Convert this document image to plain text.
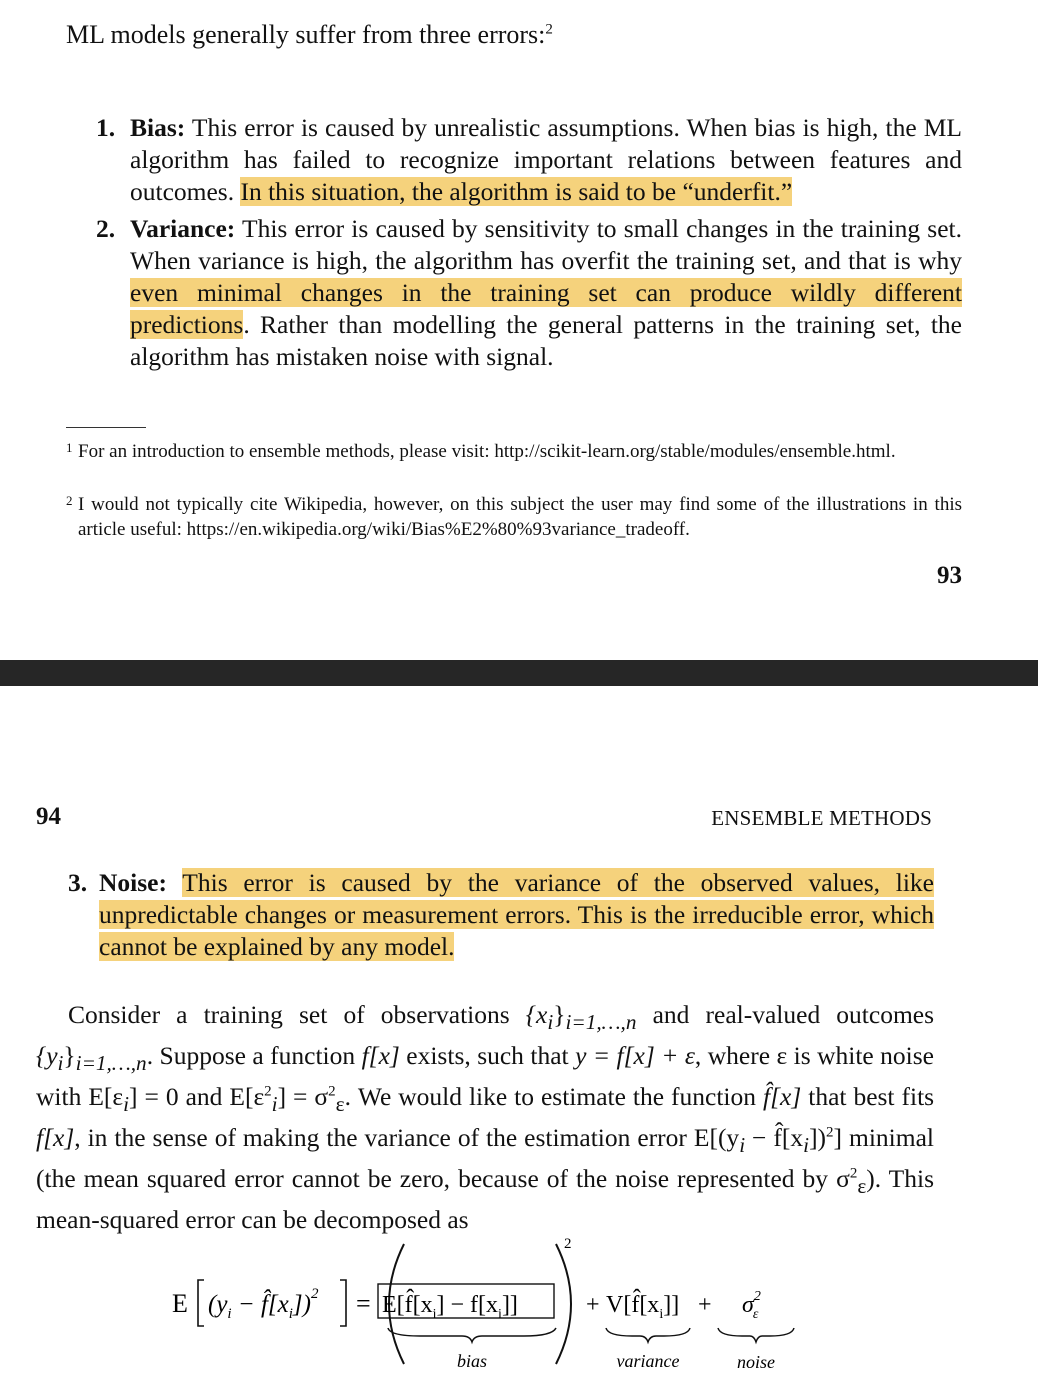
ML models generally suffer from three errors:$^2$
1. Bias: This error is caused by unrealistic assumptions. When bias is high, the ML algorithm has failed to recognize important relations between features and outcomes. In this situation, the algorithm is said to be “underfit.”
2. Variance: This error is caused by sensitivity to small changes in the training set. When variance is high, the algorithm has overfit the training set, and that is why even minimal changes in the training set can produce wildly different predictions. Rather than modelling the general patterns in the training set, the algorithm has mistaken noise with signal.
1 For an introduction to ensemble methods, please visit: http://scikit-learn.org/stable/modules/ensemble.html.
2 I would not typically cite Wikipedia, however, on this subject the user may find some of the illustrations in this article useful: https://en.wikipedia.org/wiki/Bias%E2%80%93variance_tradeoff.
93
94	ENSEMBLE METHODS
3. Noise: This error is caused by the variance of the observed values, like unpredictable changes or measurement errors. This is the irreducible error, which cannot be explained by any model.
Consider a training set of observations $\{x_i\}_{i=1,\dots,n}$ and real-valued outcomes $\{y_i\}_{i=1,\dots,n}$. Suppose a function f[x] exists, such that y = f[x] + ε, where ε is white noise with $E[\varepsilon_i] = 0$ and $E[\varepsilon^2_i] = \sigma^2_\varepsilon$. We would like to estimate the function f̂[x] that best fits f[x], in the sense of making the variance of the estimation error $E[(y_i$ − $f̂[x_i])^2$] minimal (the mean squared error cannot be zero, because of the noise represented by $\sigma^2_\varepsilon$). This mean-squared error can be decomposed as
E ($y_i$ − $f̂[x_i])^2$ =
2
$E[f̂[x_i] - f[x_i]]$
bias
+ $V[f̂[x_i]]$
variance
+ $\sigma^2$ ε
noise
